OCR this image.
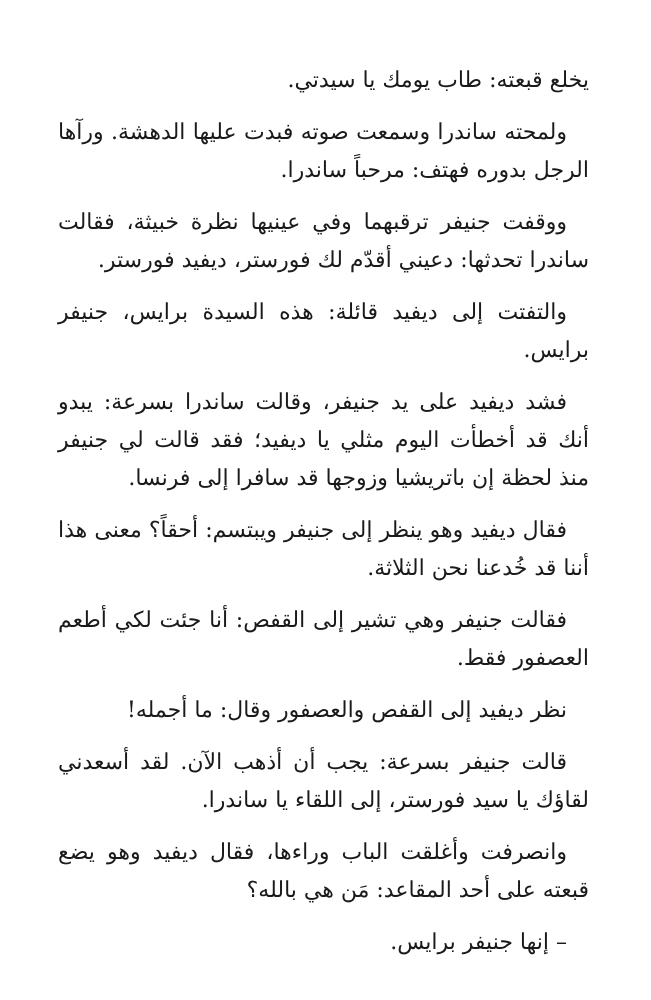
يخلع قبعته: طاب يومك يا سيدتي.

ولمحته ساندرا وسمعت صوته فبدت عليها الدهشة. ورآها الرجل بدوره فهتف: مرحباً ساندرا.

ووقفت جنيفر ترقبهما وفي عينيها نظرة خبيثة، فقالت ساندرا تحدثها: دعيني أقدّم لك فورستر، ديفيد فورستر.

والتفتت إلى ديفيد قائلة: هذه السيدة برايس، جنيفر برايس.

فشد ديفيد على يد جنيفر، وقالت ساندرا بسرعة: يبدو أنك قد أخطأت اليوم مثلي يا ديفيد؛ فقد قالت لي جنيفر منذ لحظة إن باتريشيا وزوجها قد سافرا إلى فرنسا.

فقال ديفيد وهو ينظر إلى جنيفر ويبتسم: أحقاً؟ معنى هذا أننا قد خُدعنا نحن الثلاثة.

فقالت جنيفر وهي تشير إلى القفص: أنا جئت لكي أطعم العصفور فقط.

نظر ديفيد إلى القفص والعصفور وقال: ما أجمله!

قالت جنيفر بسرعة: يجب أن أذهب الآن. لقد أسعدني لقاؤك يا سيد فورستر، إلى اللقاء يا ساندرا.

وانصرفت وأغلقت الباب وراءها، فقال ديفيد وهو يضع قبعته على أحد المقاعد: مَن هي بالله؟

– إنها جنيفر برايس.
